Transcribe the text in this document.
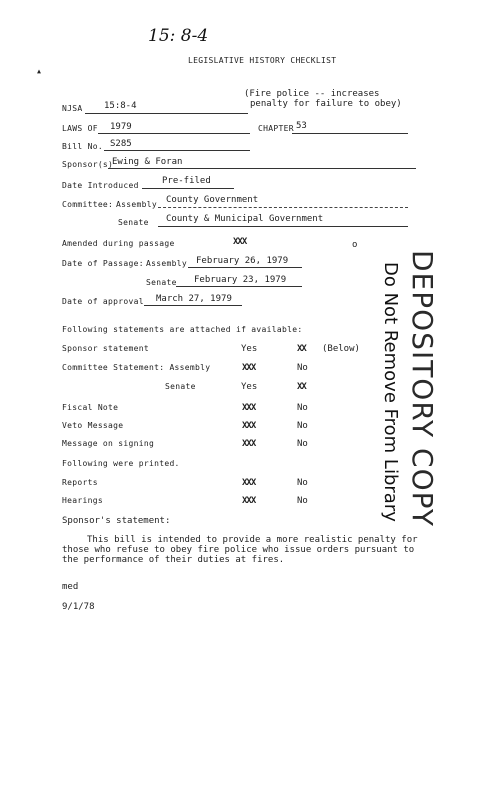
15: 8-4
LEGISLATIVE HISTORY CHECKLIST
▴
(Fire police -- increases
penalty for failure to obey)
NJSA 15:8-4
LAWS OF 1979	CHAPTER 53
Bill No. S285
Sponsor(s)
Ewing & Foran
Date Introduced	Pre-filed
Committee: Assembly County Government
Senate County & Municipal Government
Amended during passage	XXX	o
Date of Passage: Assembly February 26, 1979
Senate February 23, 1979
Date of approval March 27, 1979
Following statements are attached if available:
Sponsor statement	Yes	XX (Below)
Committee Statement: Assembly	XXX	No
Senate	Yes	XX
Fiscal Note	XXX	No
Veto Message	XXX	No
Message on signing	XXX	No
Following were printed.
Reports	XXX	No
Hearings	XXX	No
Sponsor's statement:
This bill is intended to provide a more realistic penalty for
those who refuse to obey fire police who issue orders pursuant to
the performance of their duties at fires.
med
9/1/78
DEPOSITORY COPY
Do Not Remove From Library
